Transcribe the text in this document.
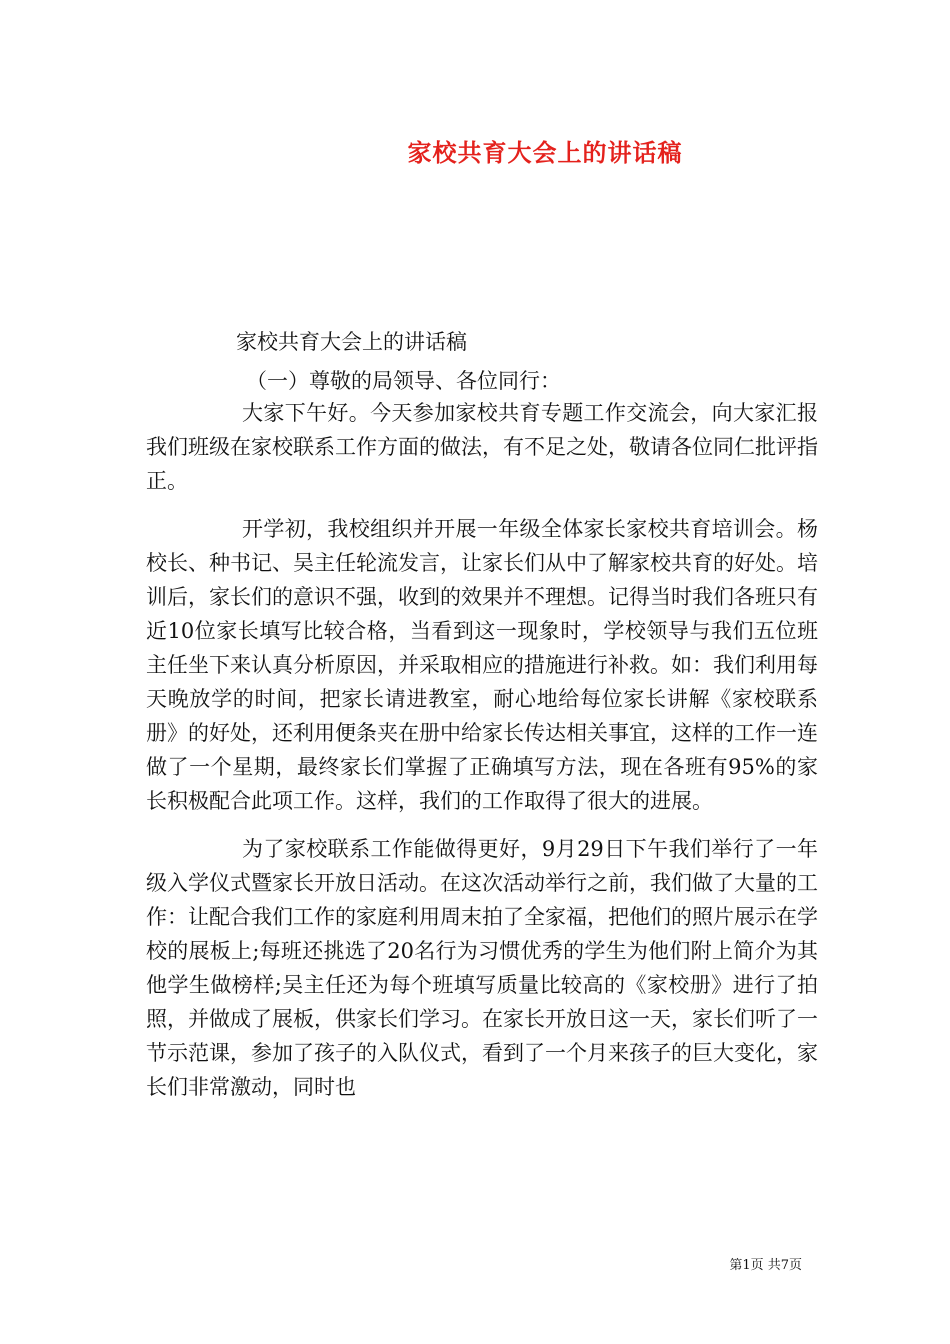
家校共育大会上的讲话稿
家校共育大会上的讲话稿
（一）尊敬的局领导、各位同行：

大家下午好。今天参加家校共育专题工作交流会，向大家汇报我们班级在家校联系工作方面的做法，有不足之处，敬请各位同仁批评指正。

开学初，我校组织并开展一年级全体家长家校共育培训会。杨校长、种书记、吴主任轮流发言，让家长们从中了解家校共育的好处。培训后，家长们的意识不强，收到的效果并不理想。记得当时我们各班只有近10位家长填写比较合格，当看到这一现象时，学校领导与我们五位班主任坐下来认真分析原因，并采取相应的措施进行补救。如：我们利用每天晚放学的时间，把家长请进教室，耐心地给每位家长讲解《家校联系册》的好处，还利用便条夹在册中给家长传达相关事宜，这样的工作一连做了一个星期，最终家长们掌握了正确填写方法，现在各班有95%的家长积极配合此项工作。这样，我们的工作取得了很大的进展。

为了家校联系工作能做得更好，9月29日下午我们举行了一年级入学仪式暨家长开放日活动。在这次活动举行之前，我们做了大量的工作：让配合我们工作的家庭利用周末拍了全家福，把他们的照片展示在学校的展板上;每班还挑选了20名行为习惯优秀的学生为他们附上简介为其他学生做榜样;吴主任还为每个班填写质量比较高的《家校册》进行了拍照，并做成了展板，供家长们学习。在家长开放日这一天，家长们听了一节示范课，参加了孩子的入队仪式，看到了一个月来孩子的巨大变化，家长们非常激动，同时也

第1页 共7页
